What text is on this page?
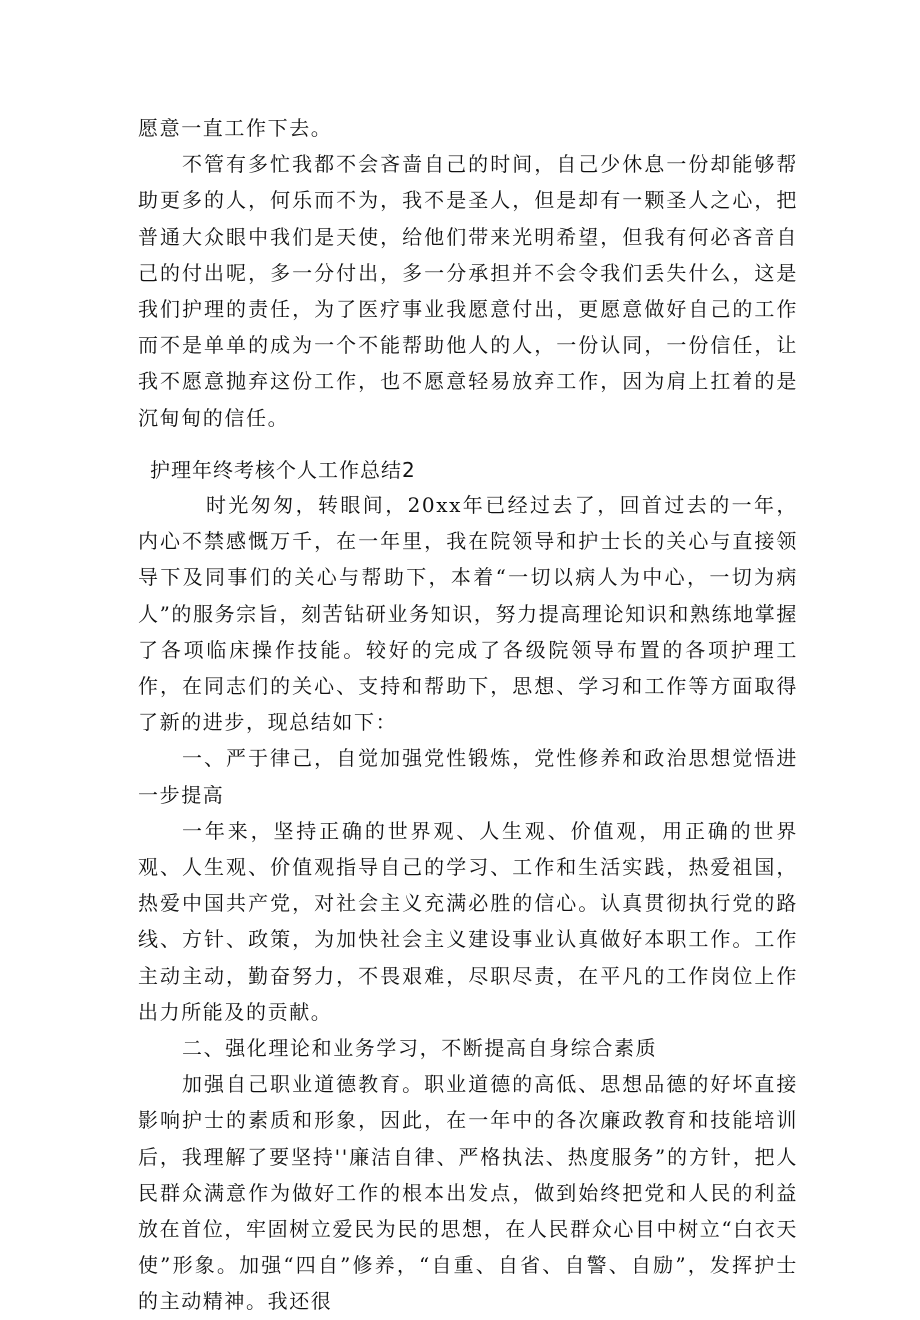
愿意一直工作下去。

不管有多忙我都不会吝啬自己的时间，自己少休息一份却能够帮助更多的人，何乐而不为，我不是圣人，但是却有一颗圣人之心，把普通大众眼中我们是天使，给他们带来光明希望，但我有何必吝音自己的付出呢，多一分付出，多一分承担并不会令我们丢失什么，这是我们护理的责任，为了医疗事业我愿意付出，更愿意做好自己的工作而不是单单的成为一个不能帮助他人的人，一份认同，一份信任，让我不愿意抛弃这份工作，也不愿意轻易放弃工作，因为肩上扛着的是沉甸甸的信任。

护理年终考核个人工作总结2

时光匆匆，转眼间，20xx年已经过去了，回首过去的一年，内心不禁感慨万千，在一年里，我在院领导和护士长的关心与直接领导下及同事们的关心与帮助下，本着“一切以病人为中心，一切为病人”的服务宗旨，刻苦钻研业务知识，努力提高理论知识和熟练地掌握了各项临床操作技能。较好的完成了各级院领导布置的各项护理工作，在同志们的关心、支持和帮助下，思想、学习和工作等方面取得了新的进步，现总结如下：

一、严于律己，自觉加强党性锻炼，党性修养和政治思想觉悟进一步提高

一年来，坚持正确的世界观、人生观、价值观，用正确的世界观、人生观、价值观指导自己的学习、工作和生活实践，热爱祖国，热爱中国共产党，对社会主义充满必胜的信心。认真贯彻执行党的路线、方针、政策，为加快社会主义建设事业认真做好本职工作。工作主动主动，勤奋努力，不畏艰难，尽职尽责，在平凡的工作岗位上作出力所能及的贡献。

二、强化理论和业务学习，不断提高自身综合素质

加强自己职业道德教育。职业道德的高低、思想品德的好坏直接影响护士的素质和形象，因此，在一年中的各次廉政教育和技能培训后，我理解了要坚持''廉洁自律、严格执法、热度服务”的方针，把人民群众满意作为做好工作的根本出发点，做到始终把党和人民的利益放在首位，牢固树立爱民为民的思想，在人民群众心目中树立“白衣天使”形象。加强“四自”修养，“自重、自省、自警、自励”，发挥护士的主动精神。我还很
